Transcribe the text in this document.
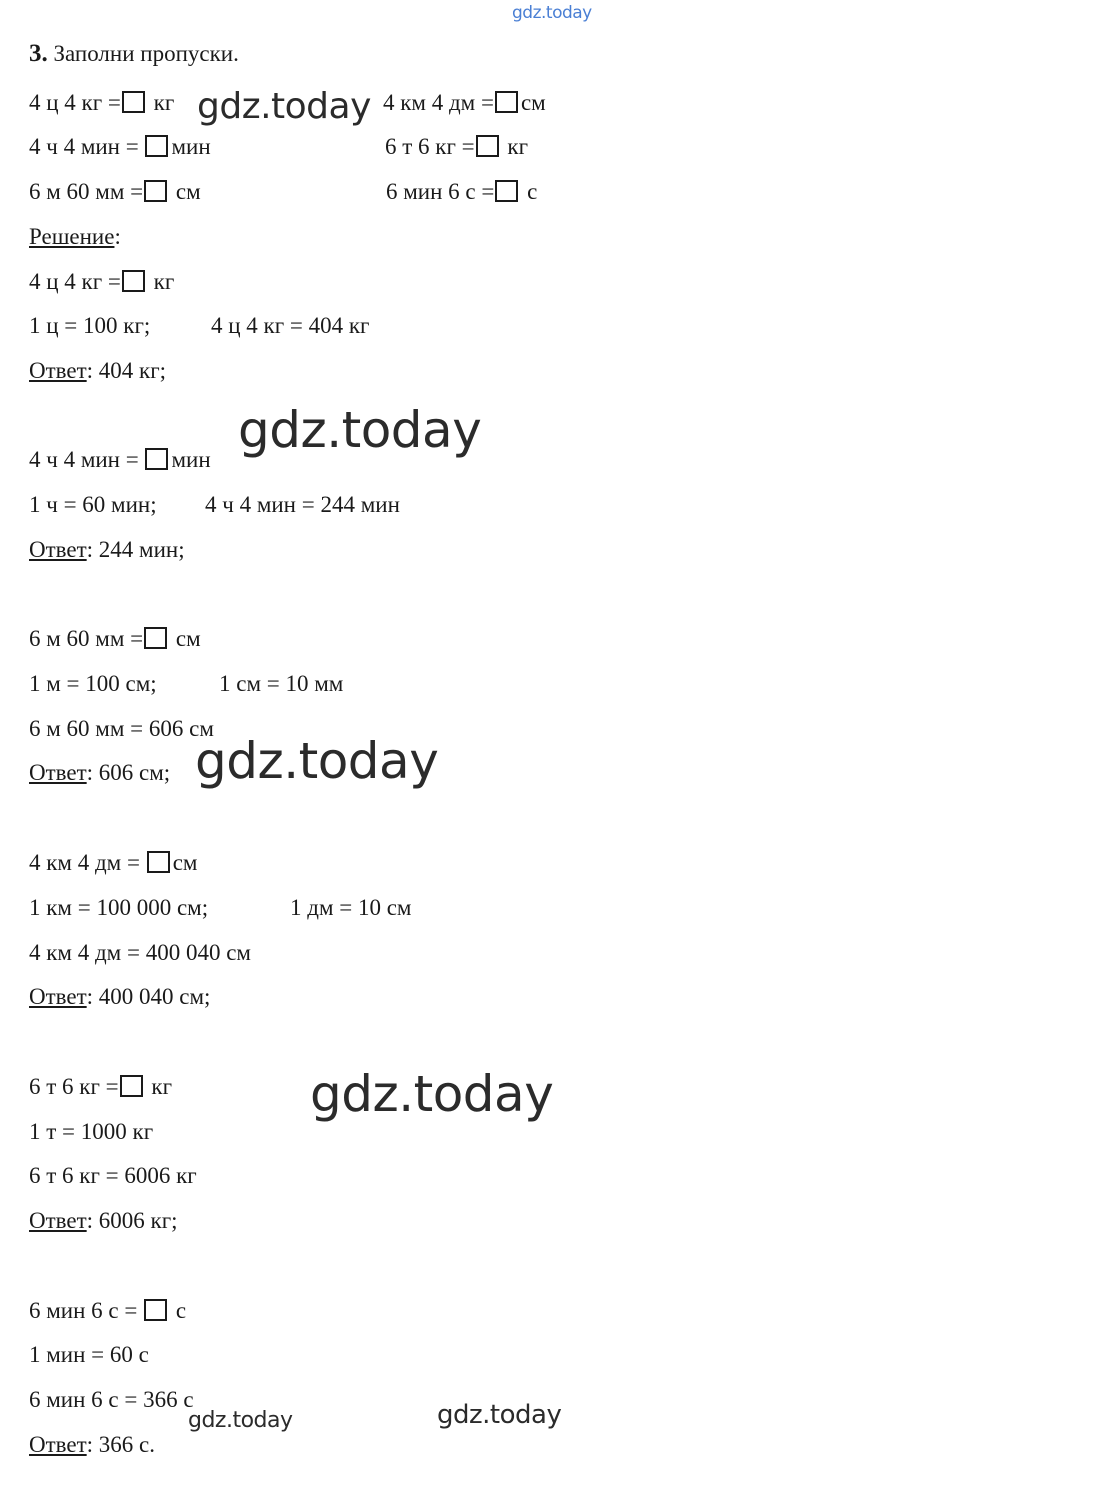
gdz.today
3. Заполни пропуски.
4 ц 4 кг = кг	4 км 4 дм = см
4 ч 4 мин = мин	6 т 6 кг = кг
6 м 60 мм = см	6 мин 6 с = с
gdz.today
Решение:
4 ц 4 кг = кг
1 ц = 100 кг;	4 ц 4 кг = 404 кг
Ответ: 404 кг;
gdz.today
4 ч 4 мин = мин
1 ч = 60 мин; 4 ч 4 мин = 244 мин
Ответ: 244 мин;
6 м 60 мм = см
1 м = 100 см;	1 см = 10 мм
6 м 60 мм = 606 см
Ответ: 606 см; gdz.today
4 км 4 дм = см
1 км = 100 000 см;	1 дм = 10 см
4 км 4 дм = 400 040 см
Ответ: 400 040 см;
6 т 6 кг = кг
1 т = 1000 кг
6 т 6 кг = 6006 кг
Ответ: 6006 кг;
gdz.today
6 мин 6 с = с
1 мин = 60 с
6 мин 6 с = 366 с
Ответ: 366 с.
gdz.today	gdz.today
